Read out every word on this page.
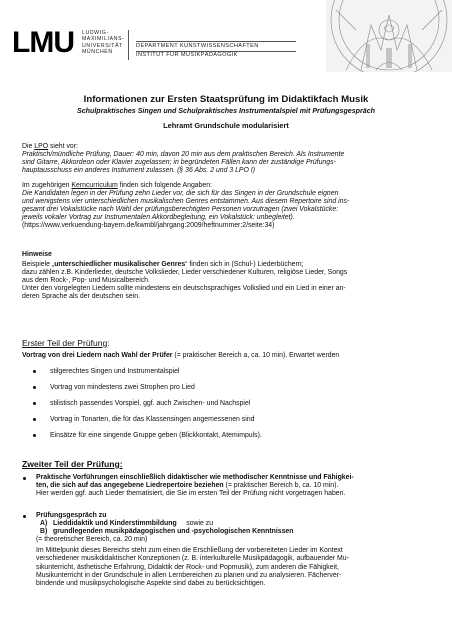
LMU LUDWIG-
MAXIMILIANS-
UNIVERSITÄT
MÜNCHEN
DEPARTMENT KUNSTWISSENSCHAFTEN
INSTITUT FÜR MUSIKPÄDAGOGIK
Informationen zur Ersten Staatsprüfung im Didaktikfach Musik
Schulpraktisches Singen und Schulpraktisches Instrumentalspiel mit Prüfungsgespräch
Lehramt Grundschule modularisiert
Die LPO sieht vor:
Praktisch/mündliche Prüfung, Dauer: 40 min, davon 20 min aus dem praktischen Bereich. Als Instrumente
sind Gitarre, Akkordeon oder Klavier zugelassen; in begründeten Fällen kann der zuständige Prüfungs-
hauptausschuss ein anderes Instrument zulassen. (§ 36 Abs. 2 und 3 LPO I)
Im zugehörigen Kerncurriculum finden sich folgende Angaben:
Die Kandidaten legen in der Prüfung zehn Lieder vor, die sich für das Singen in der Grundschule eignen
und wenigstens vier unterschiedlichen musikalischen Genres entstammen. Aus diesem Repertoire sind ins-
gesamt drei Vokalstücke nach Wahl der prüfungsberechtigten Personen vorzutragen (zwei Vokalstücke:
jeweils vokaler Vortrag zur Instrumentalen Akkordbegleitung, ein Vokalstück: unbegleitet).
(https://www.verkuendung-bayern.de/kwmbl/jahrgang:2009/heftnummer:2/seite:34)
Hinweise
Beispiele „unterschiedlicher musikalischer Genres“ finden sich in (Schul-) Liederbüchern;
dazu zählen z.B. Kinderlieder, deutsche Volkslieder, Lieder verschiedener Kulturen, religiöse Lieder, Songs
aus dem Rock-, Pop- und Musicalbereich.
Unter den vorgelegten Liedern sollte mindestens ein deutschsprachiges Volkslied und ein Lied in einer an-
deren Sprache als der deutschen sein.
Erster Teil der Prüfung:
Vortrag von drei Liedern nach Wahl der Prüfer (= praktischer Bereich a, ca. 10 min). Erwartet werden
stilgerechtes Singen und Instrumentalspiel
Vortrag von mindestens zwei Strophen pro Lied
stilistisch passendes Vorspiel, ggf. auch Zwischen- und Nachspiel
Vortrag in Tonarten, die für das Klassensingen angemessenen sind
Einsätze für eine singende Gruppe geben (Blickkontakt, Atemimpuls).
Zweiter Teil der Prüfung:
Praktische Vorführungen einschließlich didaktischer wie methodischer Kenntnisse und Fähigkei-
ten, die sich auf das angegebene Liedrepertoire beziehen (= praktischer Bereich b, ca. 10 min).
Hier werden ggf. auch Lieder thematisiert, die Sie im ersten Teil der Prüfung nicht vorgetragen haben.
Prüfungsgespräch zu
A) Lieddidaktik und Kinderstimmbildung sowie zu
B) grundlegenden musikpädagogischen und -psychologischen Kenntnissen
(= theoretischer Bereich, ca. 20 min)
Im Mittelpunkt dieses Bereichs steht zum einen die Erschließung der vorbereiteten Lieder im Kontext
verschiedener musikdidaktischer Konzeptionen (z. B. interkulturelle Musikpädagogik, aufbauender Mu-
sikunterricht, ästhetische Erfahrung, Didaktik der Rock- und Popmusik), zum anderen die Fähigkeit,
Musikunterricht in der Grundschule in allen Lernbereichen zu planen und zu analysieren. Fächerver-
bindende und musikpsychologische Aspekte sind dabei zu berücksichtigen.
